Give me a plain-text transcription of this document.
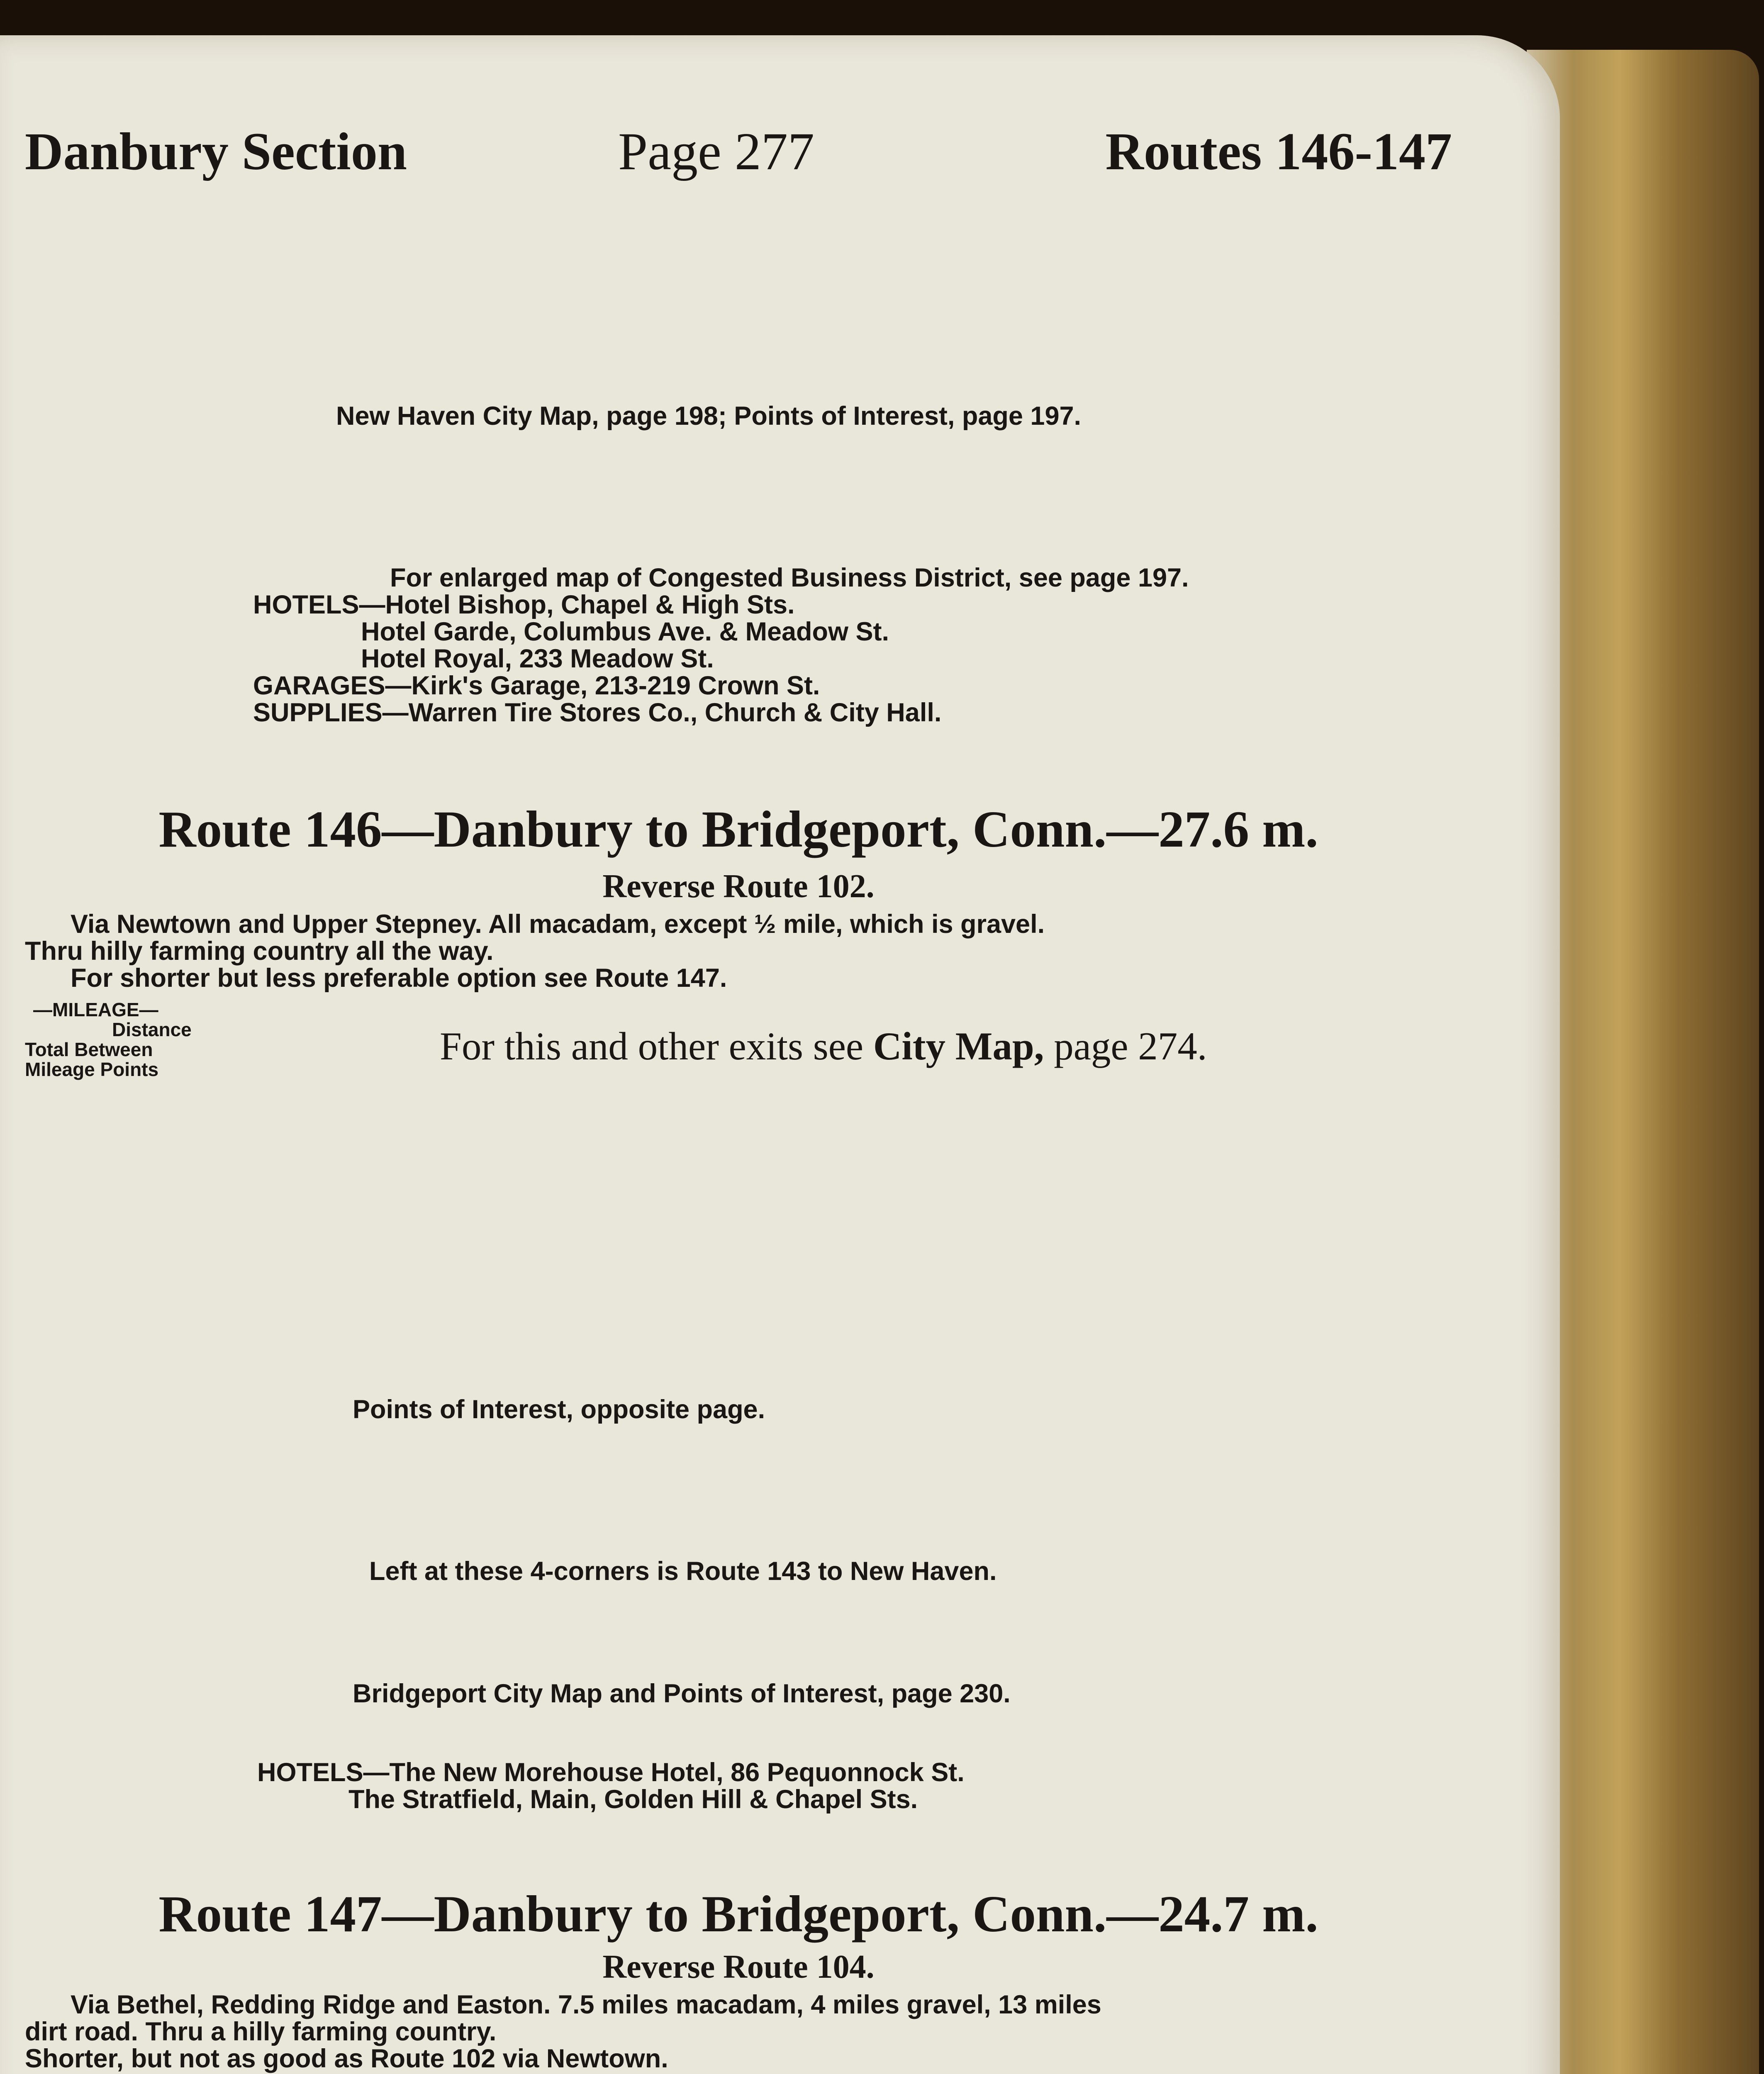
Danbury Section	Page 277	Routes 146-147
New Haven City Map, page 198; Points of Interest, page 197.
For enlarged map of Congested Business District, see page 197.
HOTELS—Hotel Bishop, Chapel & High Sts.
Hotel Garde, Columbus Ave. & Meadow St.
Hotel Royal, 233 Meadow St.
GARAGES—Kirk's Garage, 213-219 Crown St.
SUPPLIES—Warren Tire Stores Co., Church & City Hall.
Route 146—Danbury to Bridgeport, Conn.—27.6 m.
Reverse Route 102.
Via Newtown and Upper Stepney. All macadam, except ½ mile, which is gravel.
Thru hilly farming country all the way.
For shorter but less preferable option see Route 147.
—MILEAGE—
Distance
Total Between
Mileage Points
For this and other exits see City Map, page 274.
Points of Interest, opposite page.
Left at these 4-corners is Route 143 to New Haven.
Bridgeport City Map and Points of Interest, page 230.
HOTELS—The New Morehouse Hotel, 86 Pequonnock St.
The Stratfield, Main, Golden Hill & Chapel Sts.
Route 147—Danbury to Bridgeport, Conn.—24.7 m.
Reverse Route 104.
Via Bethel, Redding Ridge and Easton. 7.5 miles macadam, 4 miles gravel, 13 miles
dirt road. Thru a hilly farming country.
Shorter, but not as good as Route 102 via Newtown.
